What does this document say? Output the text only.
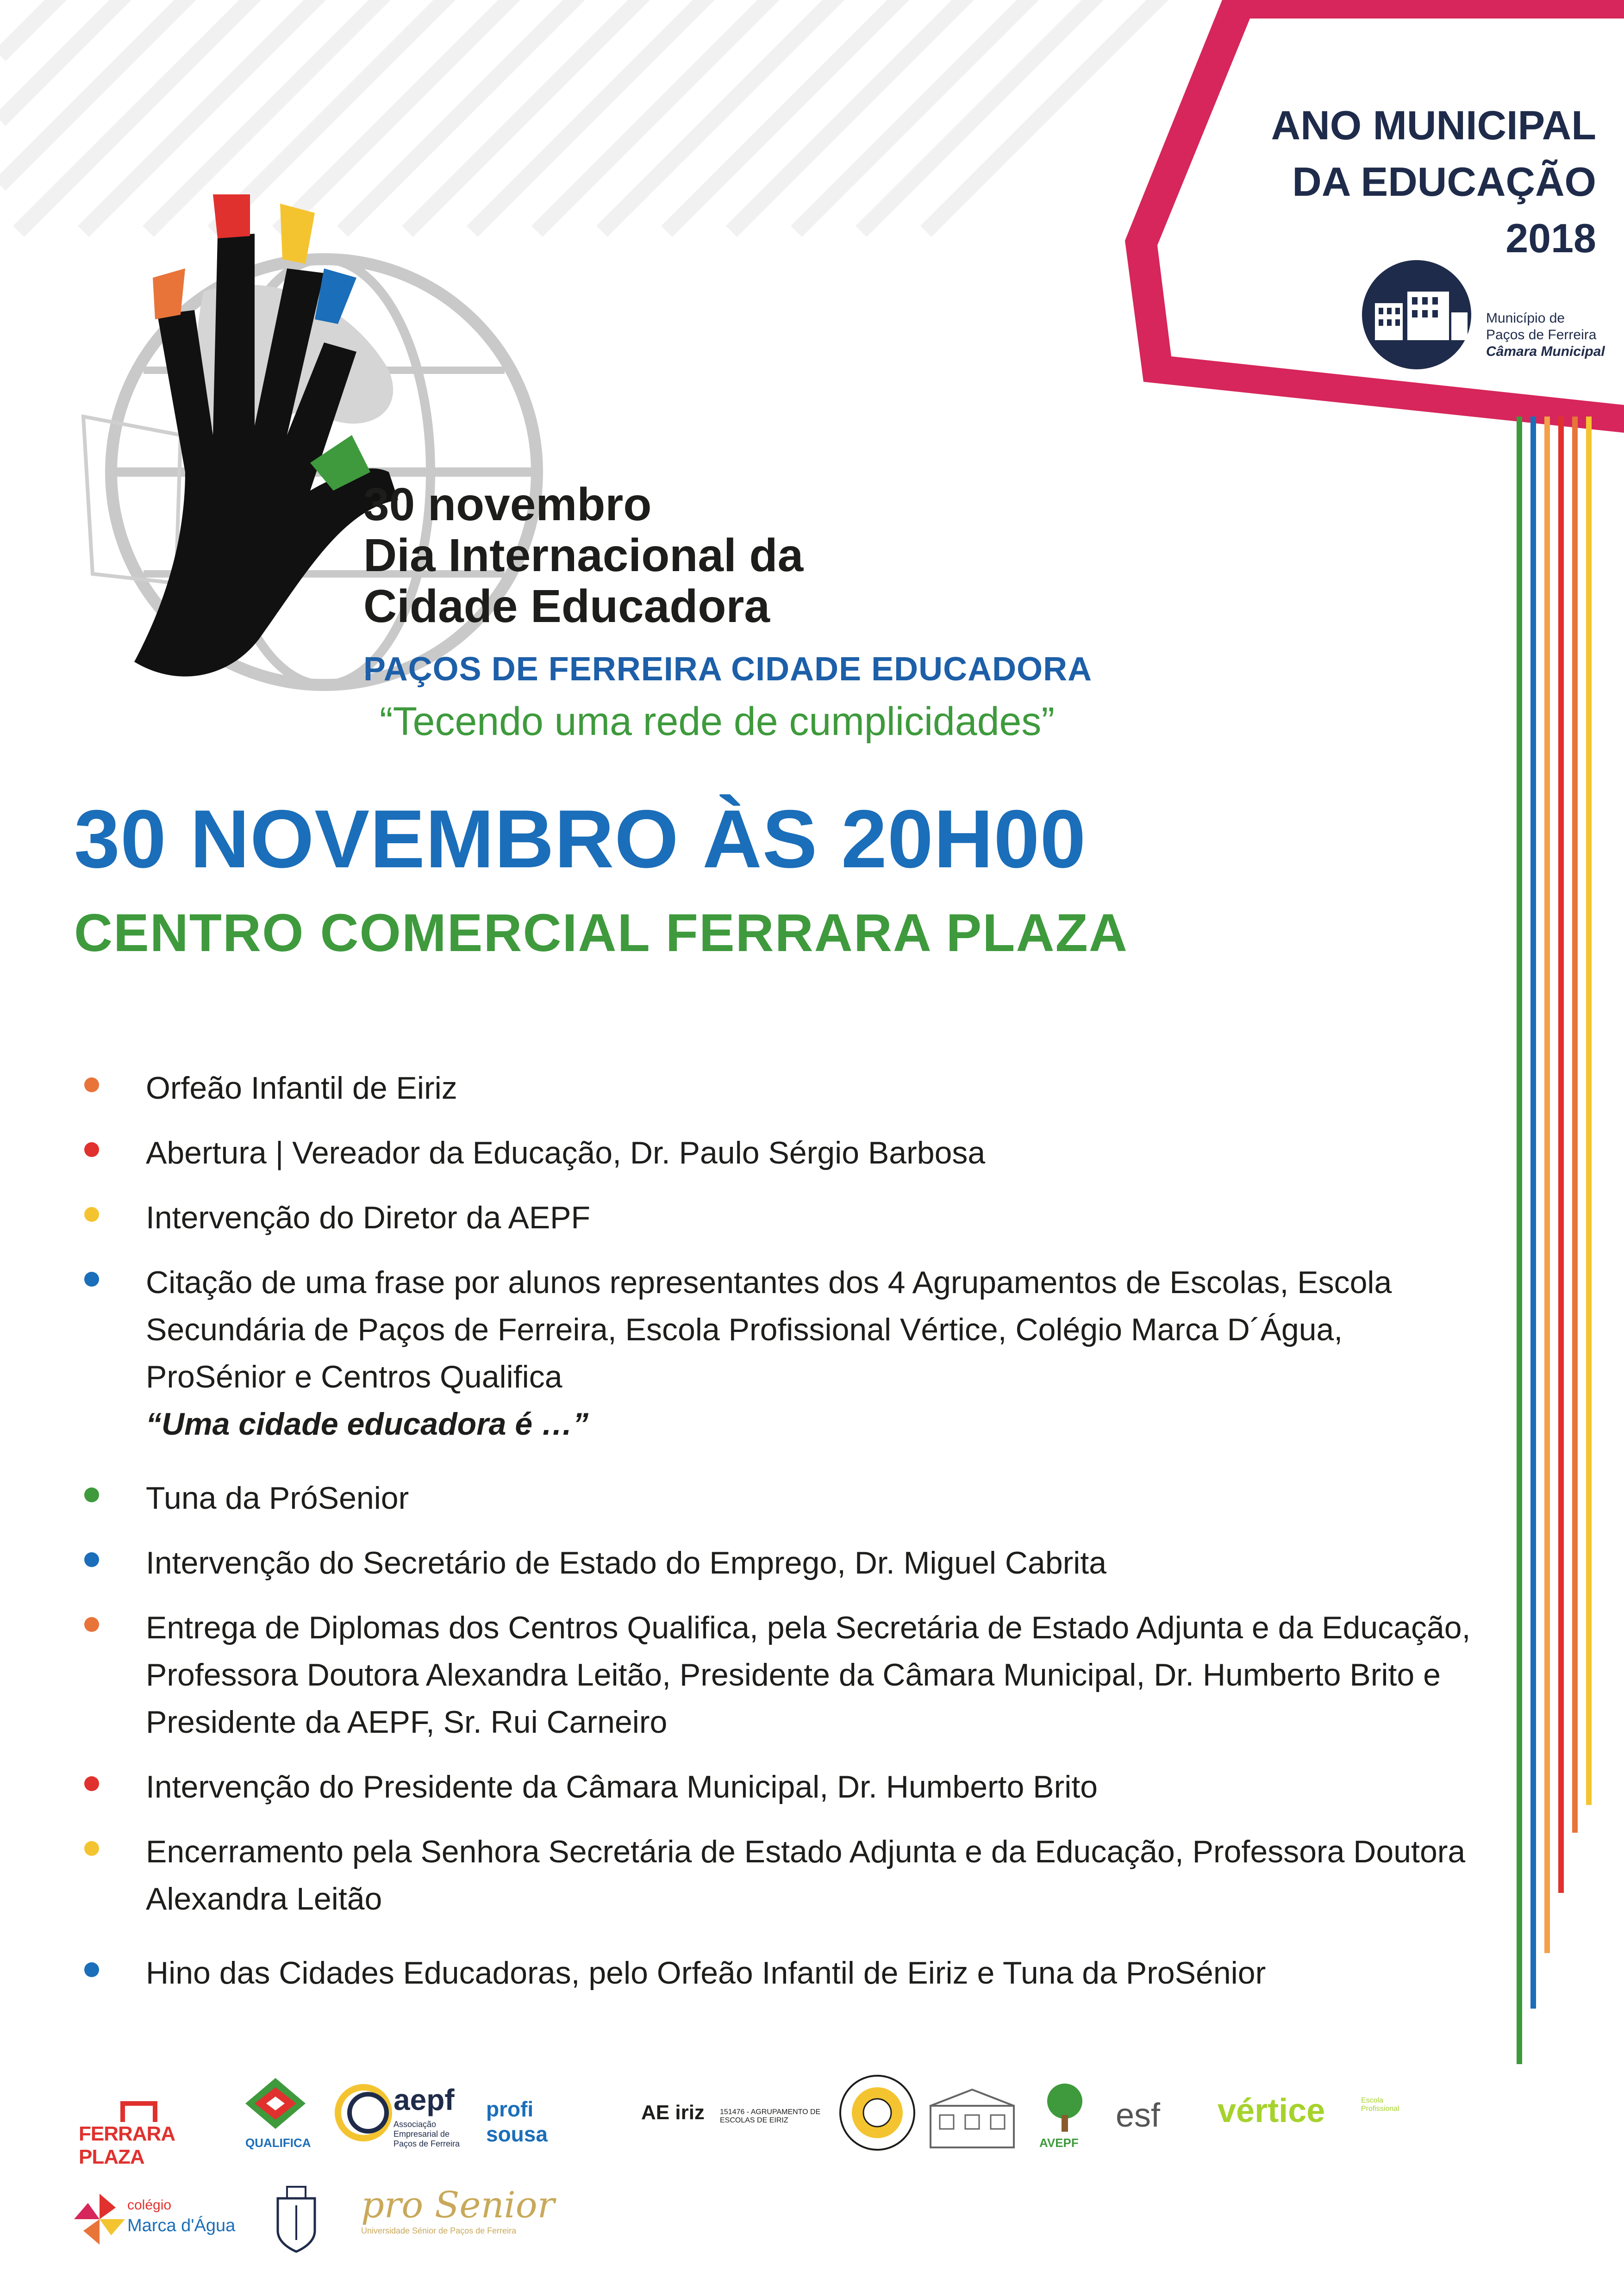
ANO MUNICIPAL
DA EDUCAÇÃO
2018
Município de
Paços de Ferreira
Câmara Municipal
30 novembro
Dia Internacional da
Cidade Educadora
PAÇOS DE FERREIRA CIDADE EDUCADORA
“Tecendo uma rede de cumplicidades”
30 NOVEMBRO ÀS 20H00
CENTRO COMERCIAL FERRARA PLAZA
Orfeão Infantil de Eiriz
Abertura | Vereador da Educação, Dr. Paulo Sérgio Barbosa
Intervenção do Diretor da AEPF
Citação de uma frase por alunos representantes dos 4 Agrupamentos de Escolas, Escola Secundária de Paços de Ferreira, Escola Profissional Vértice, Colégio Marca D´Água, ProSénior e Centros Qualifica
“Uma cidade educadora é …”
Tuna da PróSenior
Intervenção do Secretário de Estado do Emprego, Dr. Miguel Cabrita
Entrega de Diplomas dos Centros Qualifica, pela Secretária de Estado Adjunta e da Educação, Professora Doutora Alexandra Leitão, Presidente da Câmara Municipal, Dr. Humberto Brito e Presidente da AEPF, Sr. Rui Carneiro
Intervenção do Presidente da Câmara Municipal, Dr. Humberto Brito
Encerramento pela Senhora Secretária de Estado Adjunta e da Educação, Professora Doutora Alexandra Leitão
Hino das Cidades Educadoras, pelo Orfeão Infantil de Eiriz e Tuna da ProSénior
FERRARA PLAZA
QUALIFICA
aepf
Associação Empresarial de Paços de Ferreira
profi sousa
AE iriz	151476 - AGRUPAMENTO DE ESCOLAS DE EIRIZ
AVEPF
esf	vértice	Escola Profissional
colégio
Marca d'Água	pro Senior
Universidade Sénior de Paços de Ferreira
